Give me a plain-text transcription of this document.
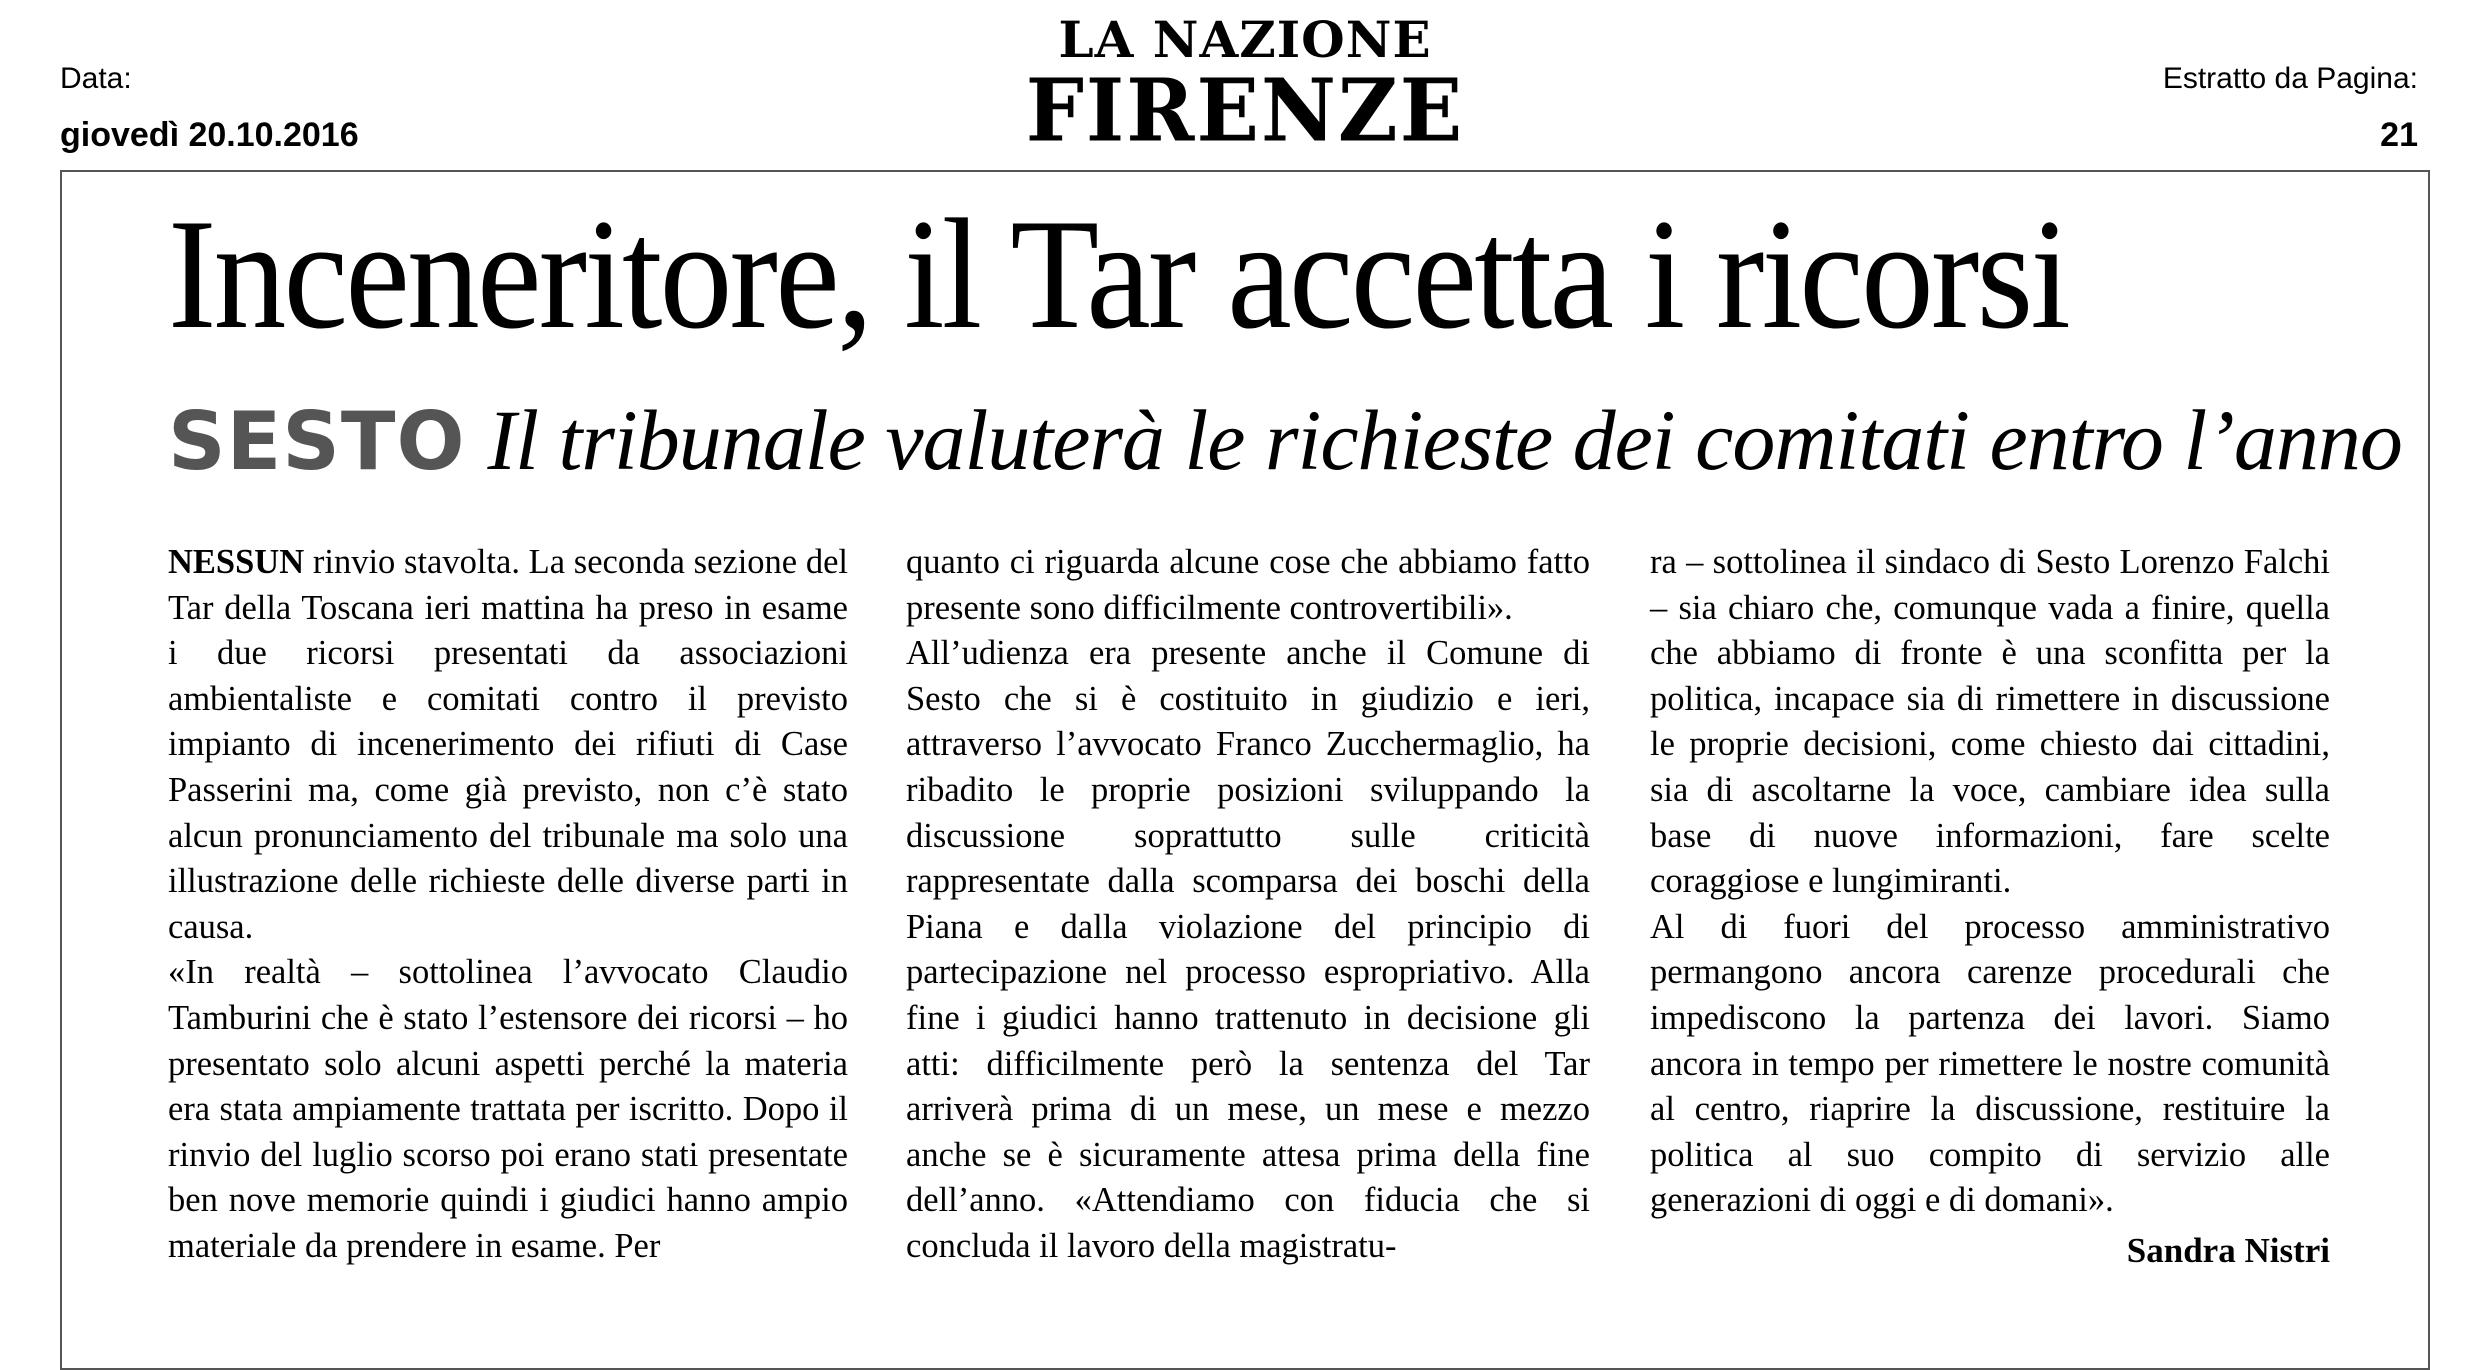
Data:
giovedì 20.10.2016
Estratto da Pagina:
21
LA NAZIONE
FIRENZE
Inceneritore, il Tar accetta i ricorsi
SESTO Il tribunale valuterà le richieste dei comitati entro l’anno

NESSUN rinvio stavolta. La seconda sezione del Tar della Toscana ieri mattina ha preso in esame i due ricorsi presentati da associazioni ambientaliste e comitati contro il previsto impianto di incenerimento dei rifiuti di Case Passerini ma, come già previsto, non c’è stato alcun pronunciamento del tribunale ma solo una illustrazione delle richieste delle diverse parti in causa.

«In realtà – sottolinea l’avvocato Claudio Tamburini che è stato l’estensore dei ricorsi – ho presentato solo alcuni aspetti perché la materia era stata ampiamente trattata per iscritto. Dopo il rinvio del luglio scorso poi erano stati presentate ben nove memorie quindi i giudici hanno ampio materiale da prendere in esame. Per

quanto ci riguarda alcune cose che abbiamo fatto presente sono difficilmente controvertibili».

All’udienza era presente anche il Comune di Sesto che si è costituito in giudizio e ieri, attraverso l’avvocato Franco Zucchermaglio, ha ribadito le proprie posizioni sviluppando la discussione soprattutto sulle criticità rappresentate dalla scomparsa dei boschi della Piana e dalla violazione del principio di partecipazione nel processo espropriativo. Alla fine i giudici hanno trattenuto in decisione gli atti: difficilmente però la sentenza del Tar arriverà prima di un mese, un mese e mezzo anche se è sicuramente attesa prima della fine dell’anno. «Attendiamo con fiducia che si concluda il lavoro della magistratu-

ra – sottolinea il sindaco di Sesto Lorenzo Falchi – sia chiaro che, comunque vada a finire, quella che abbiamo di fronte è una sconfitta per la politica, incapace sia di rimettere in discussione le proprie decisioni, come chiesto dai cittadini, sia di ascoltarne la voce, cambiare idea sulla base di nuove informazioni, fare scelte coraggiose e lungimiranti.

Al di fuori del processo amministrativo permangono ancora carenze procedurali che impediscono la partenza dei lavori. Siamo ancora in tempo per rimettere le nostre comunità al centro, riaprire la discussione, restituire la politica al suo compito di servizio alle generazioni di oggi e di domani».

Sandra Nistri
